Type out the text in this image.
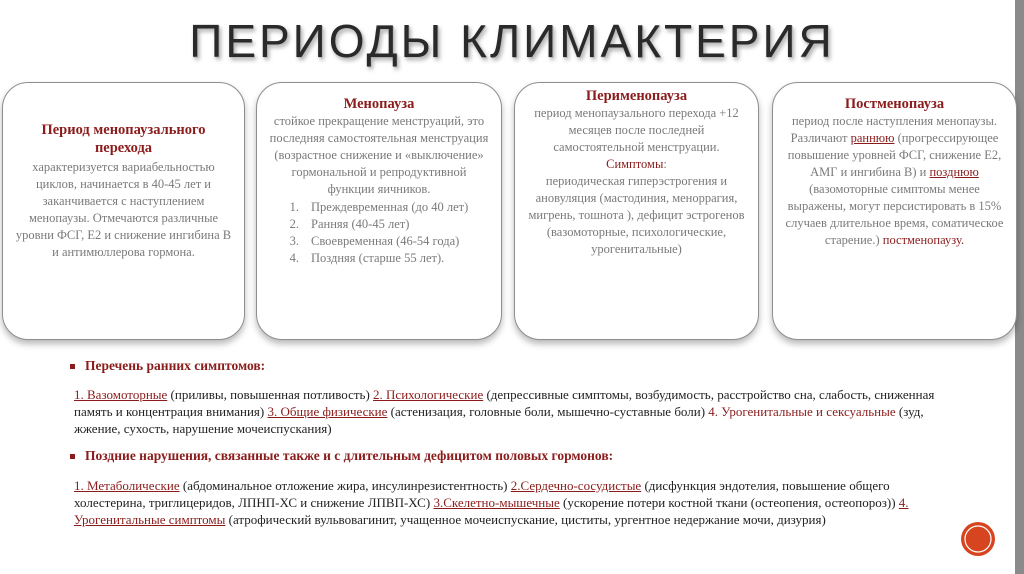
ПЕРИОДЫ КЛИМАКТЕРИЯ
Период менопаузального перехода
характеризуется вариабельностью циклов, начинается в 40-45 лет и заканчивается с наступлением менопаузы. Отмечаются различные уровни ФСГ, Е2 и снижение ингибина В и антимюллерова гормона.
Менопауза
стойкое прекращение менструаций, это последняя самостоятельная менструация (возрастное снижение и «выключение» гормональной и репродуктивной функции яичников.
1. Преждевременная (до 40 лет)
2. Ранняя (40-45 лет)
3. Своевременная (46-54 года)
4. Поздняя (старше 55 лет).
Перименопауза
период менопаузального перехода +12 месяцев после последней самостоятельной менструации.
Симптомы:
периодическая гиперэстрогения и ановуляция (мастодиния, меноррагия, мигрень, тошнота ), дефицит эстрогенов (вазомоторные, психологические, урогенитальные)
Постменопауза
период после наступления менопаузы.
Различают раннюю (прогрессирующее повышение уровней ФСГ, снижение Е2, АМГ и ингибина В) и позднюю (вазомоторные симптомы менее выражены, могут персистировать в 15% случаев длительное время, соматическое старение.) постменопаузу.
Перечень ранних симптомов:
1. Вазомоторные (приливы, повышенная потливость) 2. Психологические (депрессивные симптомы, возбудимость, расстройство сна, слабость, сниженная память и концентрация внимания) 3. Общие физические (астенизация, головные боли, мышечно-суставные боли) 4. Урогенитальные и сексуальные (зуд, жжение, сухость, нарушение мочеиспускания)
Поздние нарушения, связанные также и с длительным дефицитом половых гормонов:
1. Метаболические (абдоминальное отложение жира, инсулинрезистентность) 2.Сердечно-сосудистые (дисфункция эндотелия, повышение общего холестерина, триглицеридов, ЛПНП-ХС и снижение ЛПВП-ХС) 3.Скелетно-мышечные (ускорение потери костной ткани (остеопения, остеопороз)) 4. Урогенитальные симптомы (атрофический вульвовагинит, учащенное мочеиспускание, циститы, ургентное недержание мочи, дизурия)
